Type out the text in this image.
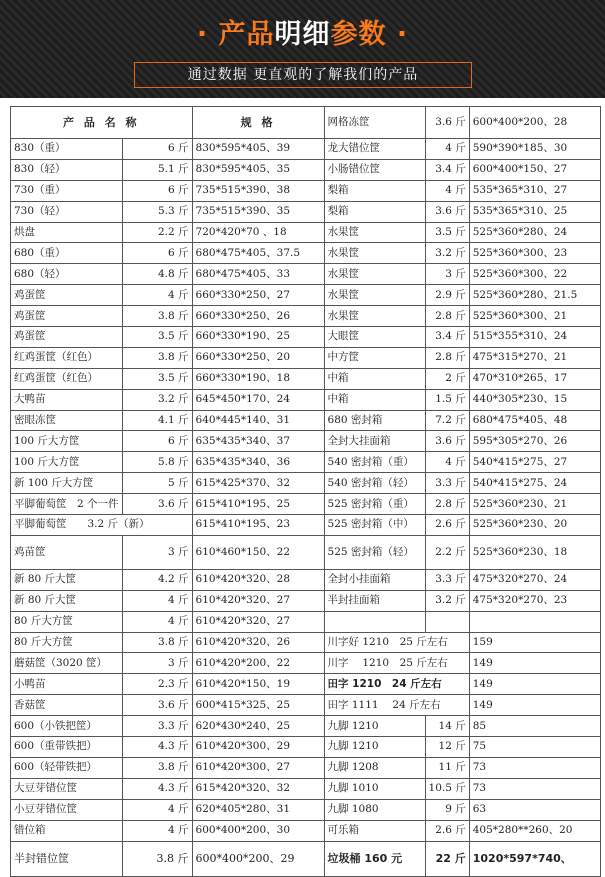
· 产品明细参数 ·
通过数据 更直观的了解我们的产品
产 品 名 称		规 格	网格冻筐	3.6 斤	600*400*200、28
830（重）	6 斤	830*595*405、39	龙大错位筐	4 斤	590*390*185、30
830（轻）	5.1 斤	830*595*405、35	小肠错位筐	3.4 斤	600*400*150、27
730（重）	6 斤	735*515*390、38	梨箱	4 斤	535*365*310、27
730（轻）	5.3 斤	735*515*390、35	梨箱	3.6 斤	535*365*310、25
烘盘	2.2 斤	720*420*70 、18	水果筐	3.5 斤	525*360*280、24
680（重）	6 斤	680*475*405、37.5	水果筐	3.2 斤	525*360*300、23
680（轻）	4.8 斤	680*475*405、33	水果筐	3 斤	525*360*300、22
鸡蛋筐	4 斤	660*330*250、27	水果筐	2.9 斤	525*360*280、21.5
鸡蛋筐	3.8 斤	660*330*250、26	水果筐	2.8 斤	525*360*300、21
鸡蛋筐	3.5 斤	660*330*190、25	大眼筐	3.4 斤	515*355*310、24
红鸡蛋筐（红色）	3.8 斤	660*330*250、20	中方筐	2.8 斤	475*315*270、21
红鸡蛋筐（红色）	3.5 斤	660*330*190、18	中箱	2 斤	470*310*265、17
大鸭苗	3.2 斤	645*450*170、24	中箱	1.5 斤	440*305*230、15
密眼冻筐	4.1 斤	640*445*140、31	680 密封箱	7.2 斤	680*475*405、48
100 斤大方筐	6 斤	635*435*340、37	全封大挂面箱	3.6 斤	595*305*270、26
100 斤大方筐	5.8 斤	635*435*340、36	540 密封箱（重）	4 斤	540*415*275、27
新 100 斤大方筐	5 斤	615*425*370、32	540 密封箱（轻）	3.3 斤	540*415*275、24
平脚葡萄筐　2 个一件	3.6 斤	615*410*195、25	525 密封箱（重）	2.8 斤	525*360*230、21
平脚葡萄筐　　3.2 斤（新）		615*410*195、23	525 密封箱（中）	2.6 斤	525*360*230、20
鸡苗筐	3 斤	610*460*150、22	525 密封箱（轻）	2.2 斤	525*360*230、18
新 80 斤大筐	4.2 斤	610*420*320、28	全封小挂面箱	3.3 斤	475*320*270、24
新 80 斤大筐	4 斤	610*420*320、27	半封挂面箱	3.2 斤	475*320*270、23
80 斤大方筐	4 斤	610*420*320、27			
80 斤大方筐	3.8 斤	610*420*320、26	川字好 1210　25 斤左右		159
蘑菇筐（3020 筐）	3 斤	610*420*200、22	川字　 1210　25 斤左右		149
小鸭苗	2.3 斤	610*420*150、19	田字 1210　24 斤左右		149
香菇筐	3.6 斤	600*415*325、25	田字 1111　 24 斤左右		149
600（小铁把筐）	3.3 斤	620*430*240、25	九脚 1210	14 斤	85
600（重带铁把）	4.3 斤	610*420*300、29	九脚 1210	12 斤	75
600（轻带铁把）	3.8 斤	610*420*300、27	九脚 1208	11 斤	73
大豆芽错位筐	4.3 斤	615*420*320、32	九脚 1010	10.5 斤	73
小豆芽错位筐	4 斤	620*405*280、31	九脚 1080	9 斤	63
错位箱	4 斤	600*400*200、30	可乐箱	2.6 斤	405*280**260、20
半封错位筐	3.8 斤	600*400*200、29	垃圾桶 160 元	22 斤	1020*597*740、
